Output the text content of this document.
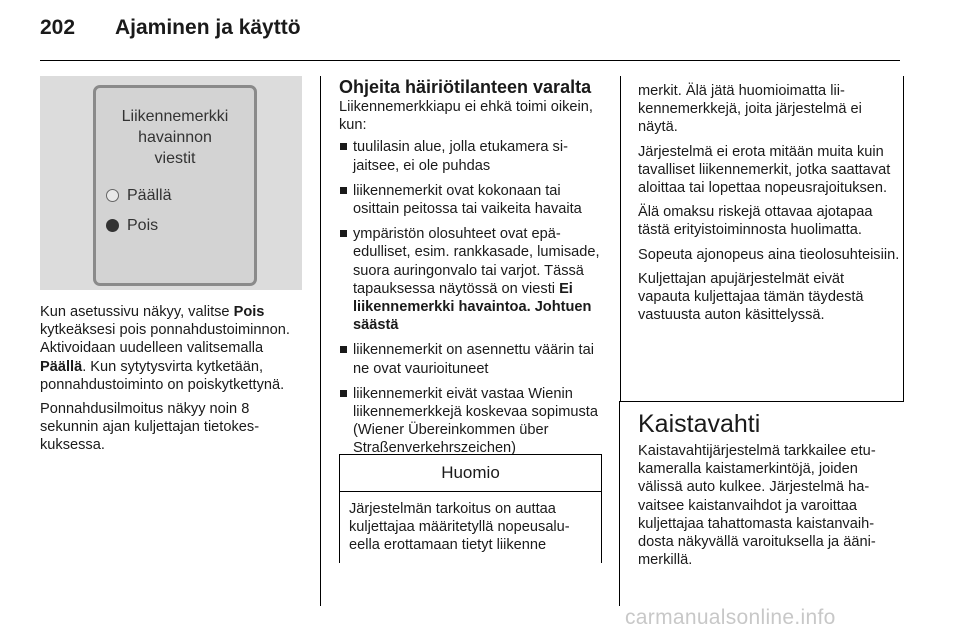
202 Ajaminen ja käyttö
Liikennemerkki
havainnon
viestit
Päällä
Pois

Kun asetussivu näkyy, valitse Pois kytkeäksesi pois ponnahdustoiminnon. Aktivoidaan uudelleen valitsemalla Päällä. Kun sytytysvirta kytketään, ponnahdustoiminto on poiskytkettynä.

Ponnahdusilmoitus näkyy noin 8 sekunnin ajan kuljettajan tietokeskuksessa.

Ohjeita häiriötilanteen varalta
Liikennemerkkiapu ei ehkä toimi oikein, kun:
tuulilasin alue, jolla etukamera sijaitsee, ei ole puhdas
liikennemerkit ovat kokonaan tai osittain peitossa tai vaikeita havaita
ympäristön olosuhteet ovat epäedulliset, esim. rankkasade, lumisade, suora auringonvalo tai varjot. Tässä tapauksessa näytössä on viesti Ei liikennemerkki havaintoa. Johtuen säästä
liikennemerkit on asennettu väärin tai ne ovat vaurioituneet
liikennemerkit eivät vastaa Wienin liikennemerkkejä koskevaa sopimusta (Wiener Übereinkommen über Straßenverkehrszeichen)
Huomio
Järjestelmän tarkoitus on auttaa kuljettajaa määritetyllä nopeusalueella erottamaan tietyt liikenne

merkit. Älä jätä huomioimatta liikennemerkkejä, joita järjestelmä ei näytä.

Järjestelmä ei erota mitään muita kuin tavalliset liikennemerkit, jotka saattavat aloittaa tai lopettaa nopeusrajoituksen.

Älä omaksu riskejä ottavaa ajotapaa tästä erityistoiminnosta huolimatta.

Sopeuta ajonopeus aina tieolosuhteisiin.

Kuljettajan apujärjestelmät eivät vapauta kuljettajaa tämän täydestä vastuusta auton käsittelyssä.

Kaistavahti
Kaistavahtijärjestelmä tarkkailee etukameralla kaistamerkintöjä, joiden välissä auto kulkee. Järjestelmä havaitsee kaistanvaihdot ja varoittaa kuljettajaa tahattomasta kaistanvaihdosta näkyvällä varoituksella ja äänimerkillä.
carmanualsonline.info
